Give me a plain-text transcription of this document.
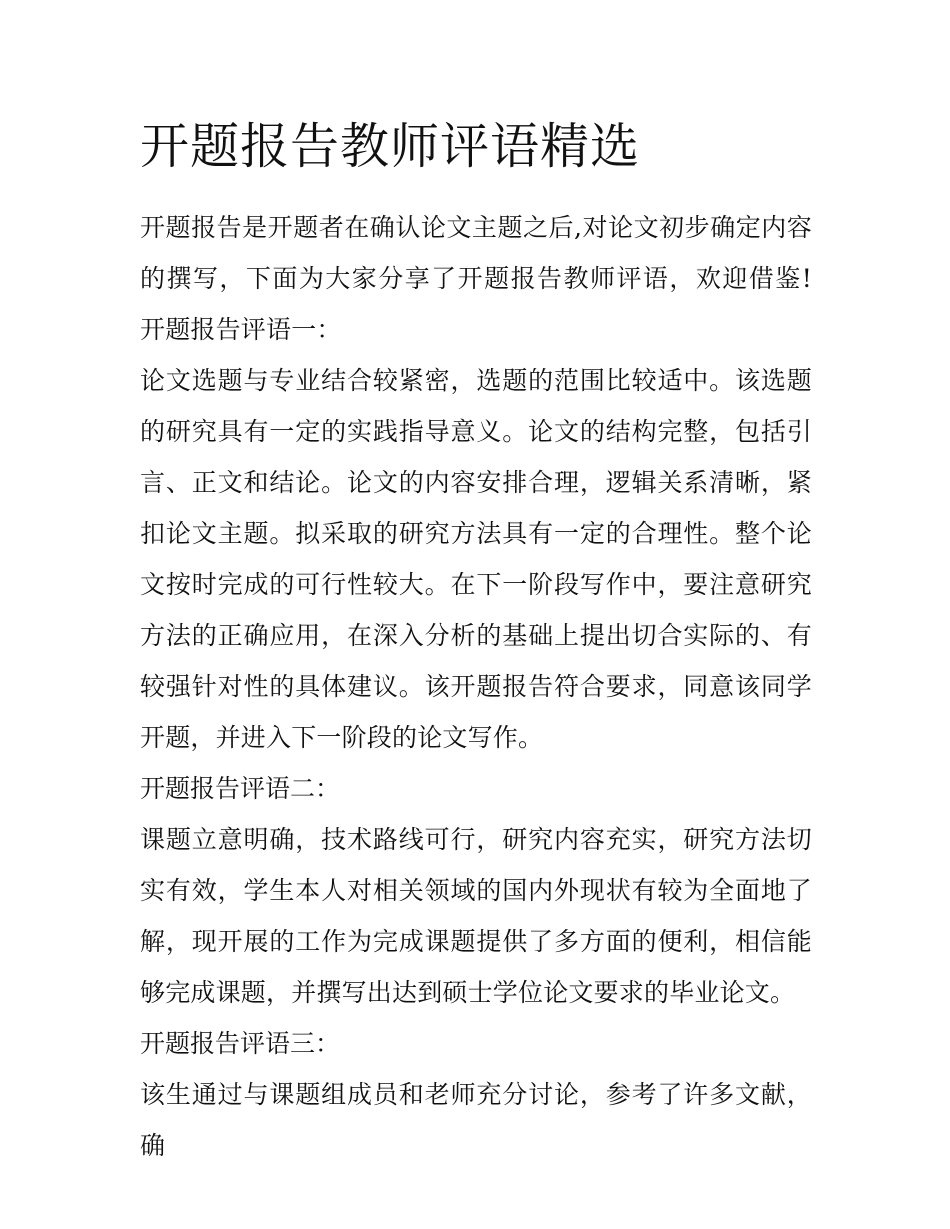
开题报告教师评语精选

开题报告是开题者在确认论文主题之后,对论文初步确定内容的撰写，下面为大家分享了开题报告教师评语，欢迎借鉴! 开题报告评语一：

论文选题与专业结合较紧密，选题的范围比较适中。该选题的研究具有一定的实践指导意义。论文的结构完整，包括引言、正文和结论。论文的内容安排合理，逻辑关系清晰，紧扣论文主题。拟采取的研究方法具有一定的合理性。整个论文按时完成的可行性较大。在下一阶段写作中，要注意研究方法的正确应用，在深入分析的基础上提出切合实际的、有较强针对性的具体建议。该开题报告符合要求，同意该同学开题，并进入下一阶段的论文写作。

开题报告评语二：

课题立意明确，技术路线可行，研究内容充实，研究方法切实有效，学生本人对相关领域的国内外现状有较为全面地了解，现开展的工作为完成课题提供了多方面的便利，相信能够完成课题，并撰写出达到硕士学位论文要求的毕业论文。

开题报告评语三：

该生通过与课题组成员和老师充分讨论，参考了许多文献，确
